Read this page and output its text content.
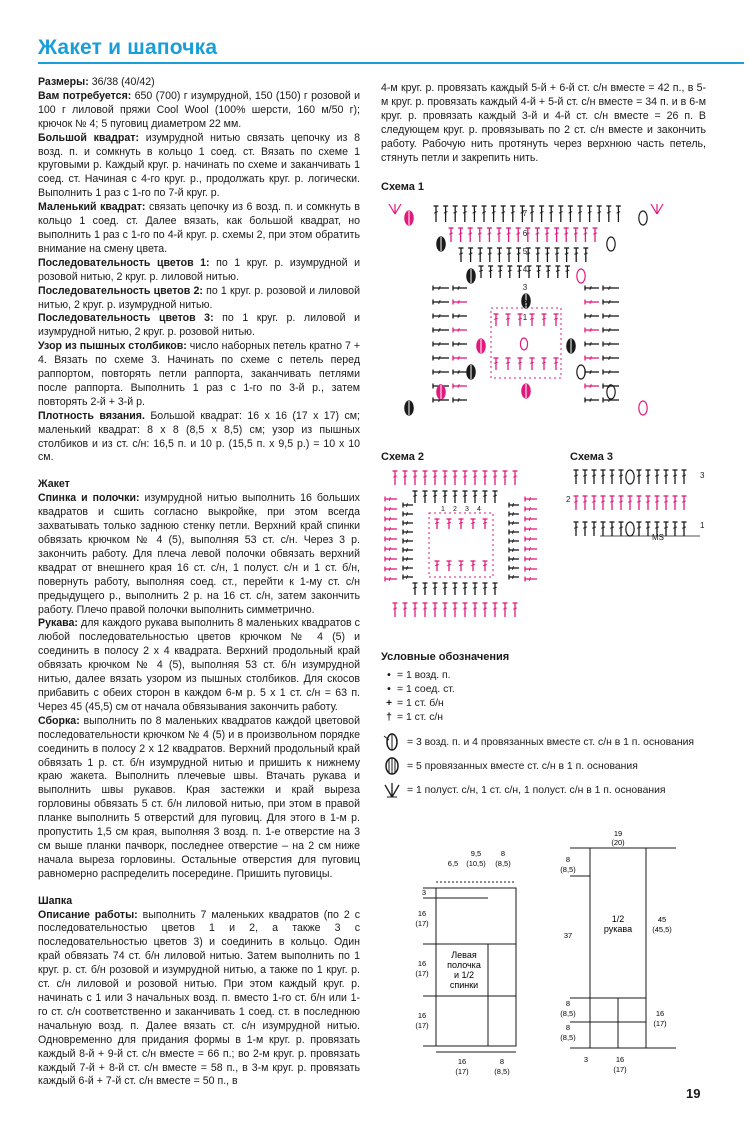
Жакет и шапочка

Размеры: 36/38 (40/42)

Вам потребуется: 650 (700) г изумрудной, 150 (150) г розовой и 100 г лиловой пряжи Cool Wool (100% шерсти, 160 м/50 г); крючок № 4; 5 пуговиц диаметром 22 мм.

Большой квадрат: изумрудной нитью связать цепочку из 8 возд. п. и сомкнуть в кольцо 1 соед. ст. Вязать по схеме 1 круговыми р. Каждый круг. р. начинать по схеме и заканчивать 1 соед. ст. Начиная с 4-го круг. р., продолжать круг. р. логически. Выполнить 1 раз с 1-го по 7-й круг. р.

Маленький квадрат: связать цепочку из 6 возд. п. и сомкнуть в кольцо 1 соед. ст. Далее вязать, как большой квадрат, но выполнить 1 раз с 1-го по 4-й круг. р. схемы 2, при этом обратить внимание на смену цвета.

Последовательность цветов 1: по 1 круг. р. изумрудной и розовой нитью, 2 круг. р. лиловой нитью.

Последовательность цветов 2: по 1 круг. р. розовой и лиловой нитью, 2 круг. р. изумрудной нитью.

Последовательность цветов 3: по 1 круг. р. лиловой и изумрудной нитью, 2 круг. р. розовой нитью.

Узор из пышных столбиков: число наборных петель кратно 7 + 4. Вязать по схеме 3. Начинать по схеме с петель перед раппортом, повторять петли раппорта, заканчивать петлями после раппорта. Выполнить 1 раз с 1-го по 3-й р., затем повторять 2-й + 3-й р.

Плотность вязания. Большой квадрат: 16 х 16 (17 х 17) см; маленький квадрат: 8 х 8 (8,5 х 8,5) см; узор из пышных столбиков и из ст. с/н: 16,5 п. и 10 р. (15,5 п. х 9,5 р.) = 10 х 10 см.

Жакет

Спинка и полочки: изумрудной нитью выполнить 16 больших квадратов и сшить согласно выкройке, при этом всегда захватывать только заднюю стенку петли. Верхний край спинки обвязать крючком № 4 (5), выполняя 53 ст. с/н. Через 3 р. закончить работу. Для плеча левой полочки обвязать верхний квадрат от внешнего края 16 ст. с/н, 1 полуст. с/н и 1 ст. б/н, повернуть работу, выполняя соед. ст., перейти к 1-му ст. с/н предыдущего р., выполнить 2 р. на 16 ст. с/н, затем закончить работу. Плечо правой полочки выполнить симметрично.

Рукава: для каждого рукава выполнить 8 маленьких квадратов с любой последовательностью цветов крючком № 4 (5) и соединить в полосу 2 х 4 квадрата. Верхний продольный край обвязать крючком № 4 (5), выполняя 53 ст. б/н изумрудной нитью, далее вязать узором из пышных столбиков. Для скосов прибавить с обеих сторон в каждом 6-м р. 5 х 1 ст. с/н = 63 п. Через 45 (45,5) см от начала обвязывания закончить работу.

Сборка: выполнить по 8 маленьких квадратов каждой цветовой последовательности крючком № 4 (5) и в произвольном порядке соединить в полосу 2 х 12 квадратов. Верхний продольный край обвязать 1 р. ст. б/н изумрудной нитью и пришить к нижнему краю жакета. Выполнить плечевые швы. Втачать рукава и выполнить швы рукавов. Края застежки и край выреза горловины обвязать 5 ст. б/н лиловой нитью, при этом в правой планке выполнить 5 отверстий для пуговиц. Для этого в 1-м р. пропустить 1,5 см края, выполняя 3 возд. п. 1-е отверстие на 3 см выше планки пачворк, последнее отверстие – на 2 см ниже начала выреза горловины. Остальные отверстия для пуговиц равномерно распределить посередине. Пришить пуговицы.

Шапка

Описание работы: выполнить 7 маленьких квадратов (по 2 с последовательностью цветов 1 и 2, а также 3 с последовательностью цветов 3) и соединить в кольцо. Один край обвязать 74 ст. б/н лиловой нитью. Затем выполнить по 1 круг. р. ст. б/н розовой и изумрудной нитью, а также по 1 круг. р. ст. с/н лиловой и розовой нитью. При этом каждый круг. р. начинать с 1 или 3 начальных возд. п. вместо 1-го ст. б/н или 1-го ст. с/н соответственно и заканчивать 1 соед. ст. в последнюю начальную возд. п. Далее вязать ст. с/н изумрудной нитью. Одновременно для придания формы в 1-м круг. р. провязать каждый 8-й + 9-й ст. с/н вместе = 66 п.; во 2-м круг. р. провязать каждый 7-й + 8-й ст. с/н вместе = 58 п., в 3-м круг. р. провязать каждый 6-й + 7-й ст. с/н вместе = 50 п., в

4-м круг. р. провязать каждый 5-й + 6-й ст. с/н вместе = 42 п., в 5-м круг. р. провязать каждый 4-й + 5-й ст. с/н вместе = 34 п. и в 6-м круг. р. провязать каждый 3-й и 4-й ст. с/н вместе = 26 п. В следующем круг. р. провязывать по 2 ст. с/н вместе и закончить работу. Рабочую нить протянуть через верхнюю часть петель, стянуть петли и закрепить нить.

Схема 1
7
6
5
4
3
2
1
Схема 2
1 2 3 4
Схема 3
3
2
1
MS
Условные обозначения
• = 1 возд. п.
• = 1 соед. ст.
+ = 1 ст. б/н
† = 1 ст. с/н
= 3 возд. п. и 4 провязанных вместе ст. с/н в 1 п. основания
= 5 провязанных вместе ст. с/н в 1 п. основания
= 1 полуст. с/н, 1 ст. с/н, 1 полуст. с/н в 1 п. основания
Левая
полочка
и 1/2
спинки
9,5
(10,5)
6,5
8
(8,5)
3
16
(17)
16
(17)
16
(17)
16
(17)
8
(8,5)
1/2
рукава
19
(20)
8
(8,5)
37
8
(8,5)
8
(8,5)
45
(45,5)
16
(17)
3	16
(17)
19
